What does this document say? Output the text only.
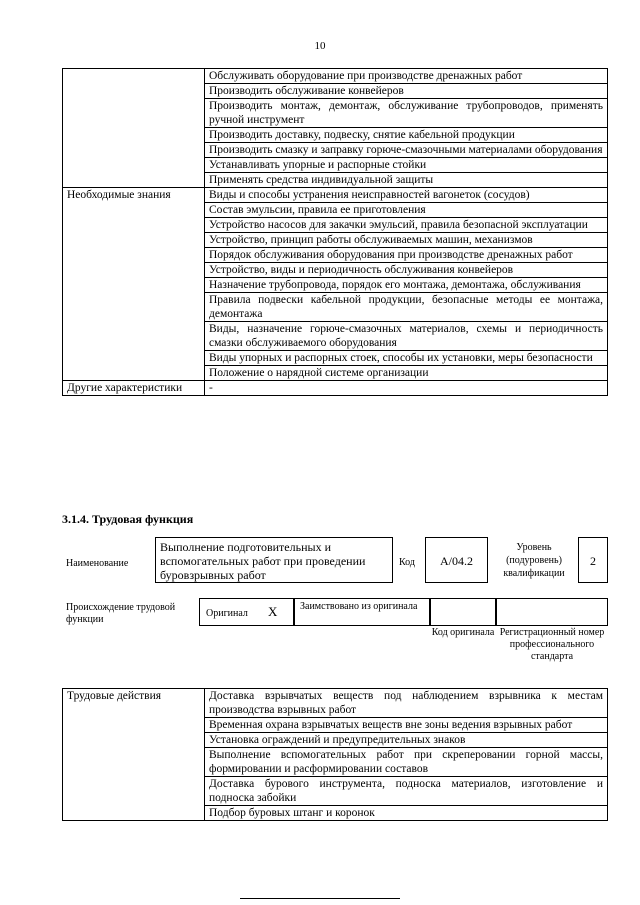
10
	Обслуживать оборудование при производстве дренажных работ
	Производить обслуживание конвейеров
	Производить монтаж, демонтаж, обслуживание трубопроводов, применять ручной инструмент
	Производить доставку, подвеску, снятие кабельной продукции
	Производить смазку и заправку горюче-смазочными материалами оборудования
	Устанавливать упорные и распорные стойки
	Применять средства индивидуальной защиты
Необходимые знания	Виды и способы устранения неисправностей вагонеток (сосудов)
	Состав эмульсии, правила ее приготовления
	Устройство насосов для закачки эмульсий, правила безопасной эксплуатации
	Устройство, принцип работы обслуживаемых машин, механизмов
	Порядок обслуживания оборудования при производстве дренажных работ
	Устройство, виды и периодичность обслуживания конвейеров
	Назначение трубопровода, порядок его монтажа, демонтажа, обслуживания
	Правила подвески кабельной продукции, безопасные методы ее монтажа, демонтажа
	Виды, назначение горюче-смазочных материалов, схемы и периодичность смазки обслуживаемого оборудования
	Виды упорных и распорных стоек, способы их установки, меры безопасности
	Положение о нарядной системе организации
Другие характеристики	-
3.1.4. Трудовая функция
Наименование
Выполнение подготовительных и вспомогательных работ при проведении буровзрывных работ
Код	A/04.2
Уровень (подуровень) квалификации
2
Происхождение трудовой функции
Оригинал X	Заимствовано из оригинала
Код оригинала Регистрационный номер профессионального стандарта
Трудовые действия	Доставка взрывчатых веществ под наблюдением взрывника к местам производства взрывных работ
Временная охрана взрывчатых веществ вне зоны ведения взрывных работ
Установка ограждений и предупредительных знаков
Выполнение вспомогательных работ при скреперовании горной массы, формировании и расформировании составов
Доставка бурового инструмента, подноска материалов, изготовление и подноска забойки
Подбор буровых штанг и коронок
